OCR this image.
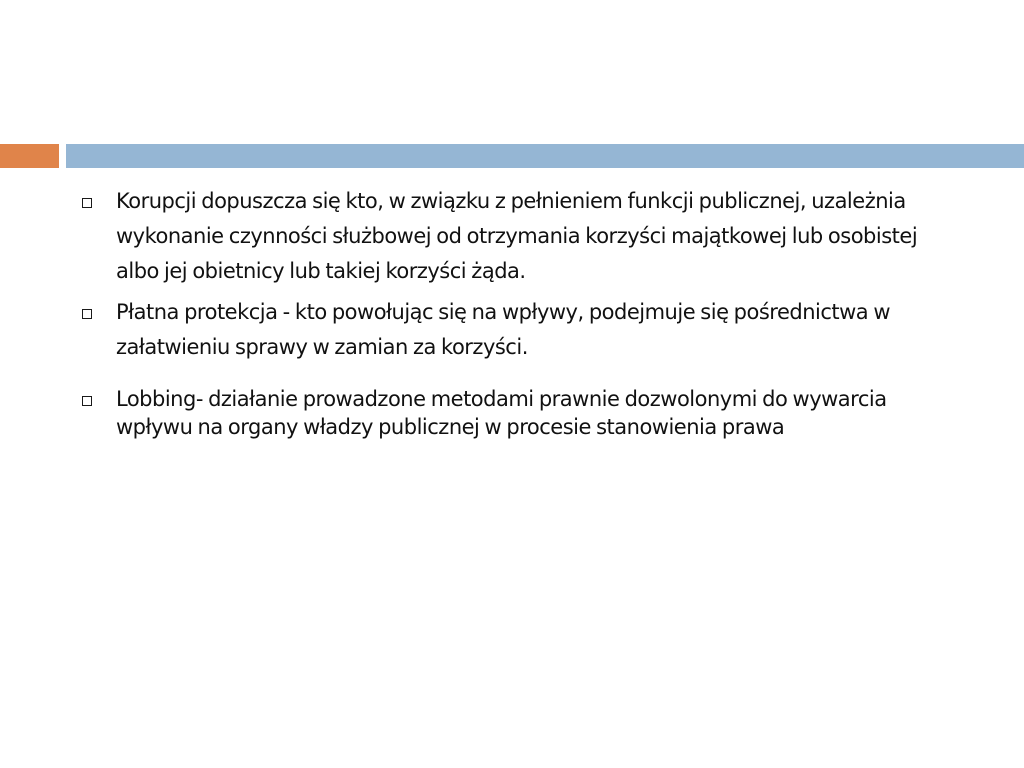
Korupcji dopuszcza się kto, w związku z pełnieniem funkcji publicznej, uzależnia wykonanie czynności służbowej od otrzymania korzyści majątkowej lub osobistej albo jej obietnicy lub takiej korzyści żąda.
Płatna protekcja - kto powołując się na wpływy, podejmuje się pośrednictwa w załatwieniu sprawy w zamian za korzyści.
Lobbing- działanie prowadzone metodami prawnie dozwolonymi do wywarcia wpływu na organy władzy publicznej w procesie stanowienia prawa
